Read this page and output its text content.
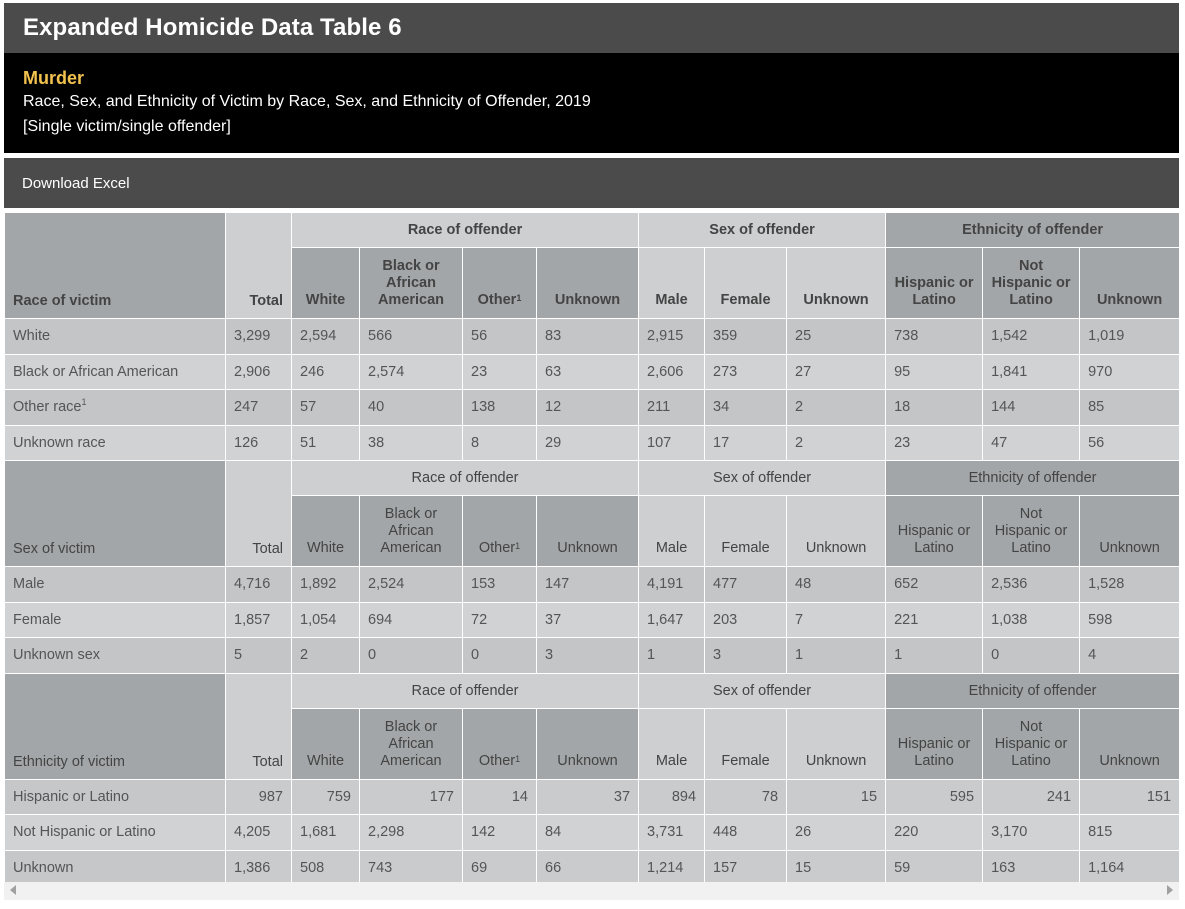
Expanded Homicide Data Table 6
Murder
Race, Sex, and Ethnicity of Victim by Race, Sex, and Ethnicity of Offender, 2019
[Single victim/single offender]
Download Excel
Race of victim	Total	Race of offender				Sex of offender			Ethnicity of offender		
		White	Black or African American	Other$^1$	Unknown	Male	Female	Unknown	Hispanic or Latino	Not Hispanic or Latino	Unknown
White	3,299	2,594	566	56	83	2,915	359	25	738	1,542	1,019
Black or African American	2,906	246	2,574	23	63	2,606	273	27	95	1,841	970
Other race$^1$	247	57	40	138	12	211	34	2	18	144	85
Unknown race	126	51	38	8	29	107	17	2	23	47	56
Sex of victim	Total	Race of offender				Sex of offender			Ethnicity of offender		
		White	Black or African American	Other$^1$	Unknown	Male	Female	Unknown	Hispanic or Latino	Not Hispanic or Latino	Unknown
Male	4,716	1,892	2,524	153	147	4,191	477	48	652	2,536	1,528
Female	1,857	1,054	694	72	37	1,647	203	7	221	1,038	598
Unknown sex	5	2	0	0	3	1	3	1	1	0	4
Ethnicity of victim	Total	Race of offender				Sex of offender			Ethnicity of offender		
		White	Black or African American	Other$^1$	Unknown	Male	Female	Unknown	Hispanic or Latino	Not Hispanic or Latino	Unknown
Hispanic or Latino	987	759	177	14	37	894	78	15	595	241	151
Not Hispanic or Latino	4,205	1,681	2,298	142	84	3,731	448	26	220	3,170	815
Unknown	1,386	508	743	69	66	1,214	157	15	59	163	1,164
